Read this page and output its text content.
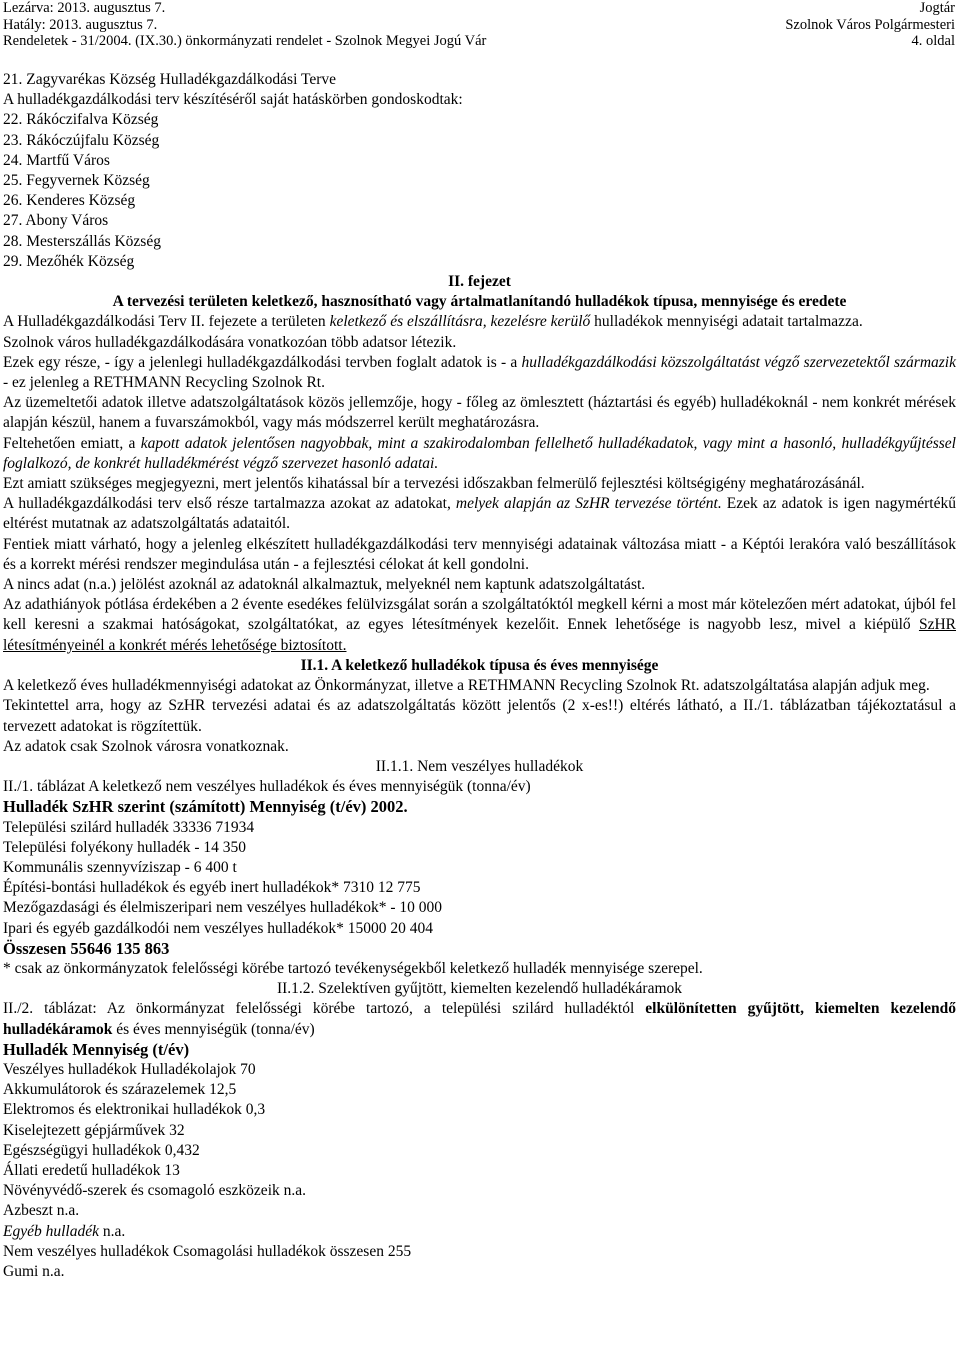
Lezárva: 2013. augusztus 7.
Hatály: 2013. augusztus 7.
Rendeletek - 31/2004. (IX.30.) önkormányzati rendelet - Szolnok Megyei Jogú Vár
Jogtár
Szolnok Város Polgármesteri
4. oldal

21. Zagyvarékas Község Hulladékgazdálkodási Terve

A hulladékgazdálkodási terv készítéséről saját hatáskörben gondoskodtak:

22. Rákóczifalva Község

23. Rákóczújfalu Község

24. Martfű Város

25. Fegyvernek Község

26. Kenderes Község

27. Abony Város

28. Mesterszállás Község

29. Mezőhék Község

II. fejezet

A tervezési területen keletkező, hasznosítható vagy ártalmatlanítandó hulladékok típusa, mennyisége és eredete

A Hulladékgazdálkodási Terv II. fejezete a területen keletkező és elszállításra, kezelésre kerülő hulladékok mennyiségi adatait tartalmazza.

Szolnok város hulladékgazdálkodására vonatkozóan több adatsor létezik.

Ezek egy része, - így a jelenlegi hulladékgazdálkodási tervben foglalt adatok is - a hulladékgazdálkodási közszolgáltatást végző szervezetektől származik - ez jelenleg a RETHMANN Recycling Szolnok Rt.

Az üzemeltetői adatok illetve adatszolgáltatások közös jellemzője, hogy - főleg az ömlesztett (háztartási és egyéb) hulladékoknál - nem konkrét mérések alapján készül, hanem a fuvarszámokból, vagy más módszerrel került meghatározásra.

Feltehetően emiatt, a kapott adatok jelentősen nagyobbak, mint a szakirodalomban fellelhető hulladékadatok, vagy mint a hasonló, hulladékgyűjtéssel foglalkozó, de konkrét hulladékmérést végző szervezet hasonló adatai.

Ezt amiatt szükséges megjegyezni, mert jelentős kihatással bír a tervezési időszakban felmerülő fejlesztési költségigény meghatározásánál.

A hulladékgazdálkodási terv első része tartalmazza azokat az adatokat, melyek alapján az SzHR tervezése történt. Ezek az adatok is igen nagymértékű eltérést mutatnak az adatszolgáltatás adataitól.

Fentiek miatt várható, hogy a jelenleg elkészített hulladékgazdálkodási terv mennyiségi adatainak változása miatt - a Képtói lerakóra való beszállítások és a korrekt mérési rendszer megindulása után - a fejlesztési célokat át kell gondolni.

A nincs adat (n.a.) jelölést azoknál az adatoknál alkalmaztuk, melyeknél nem kaptunk adatszolgáltatást.

Az adathiányok pótlása érdekében a 2 évente esedékes felülvizsgálat során a szolgáltatóktól megkell kérni a most már kötelezően mért adatokat, újból fel kell keresni a szakmai hatóságokat, szolgáltatókat, az egyes létesítmények kezelőit. Ennek lehetősége is nagyobb lesz, mivel a kiépülő SzHR létesítményeinél a konkrét mérés lehetősége biztosított.

II.1. A keletkező hulladékok típusa és éves mennyisége

A keletkező éves hulladékmennyiségi adatokat az Önkormányzat, illetve a RETHMANN Recycling Szolnok Rt. adatszolgáltatása alapján adjuk meg.

Tekintettel arra, hogy az SzHR tervezési adatai és az adatszolgáltatás között jelentős (2 x-es!!) eltérés látható, a II./1. táblázatban tájékoztatásul a tervezett adatokat is rögzítettük.

Az adatok csak Szolnok városra vonatkoznak.

II.1.1. Nem veszélyes hulladékok

II./1. táblázat A keletkező nem veszélyes hulladékok és éves mennyiségük (tonna/év)

Hulladék SzHR szerint (számított) Mennyiség (t/év) 2002.

Települési szilárd hulladék 33336 71934

Települési folyékony hulladék - 14 350

Kommunális szennyvíziszap - 6 400 t

Építési-bontási hulladékok és egyéb inert hulladékok* 7310 12 775

Mezőgazdasági és élelmiszeripari nem veszélyes hulladékok* - 10 000

Ipari és egyéb gazdálkodói nem veszélyes hulladékok* 15000 20 404

Összesen 55646 135 863

* csak az önkormányzatok felelősségi körébe tartozó tevékenységekből keletkező hulladék mennyisége szerepel.

II.1.2. Szelektíven gyűjtött, kiemelten kezelendő hulladékáramok

II./2. táblázat: Az önkormányzat felelősségi körébe tartozó, a települési szilárd hulladéktól elkülönítetten gyűjtött, kiemelten kezelendő hulladékáramok és éves mennyiségük (tonna/év)

Hulladék Mennyiség (t/év)

Veszélyes hulladékok Hulladékolajok 70

Akkumulátorok és szárazelemek 12,5

Elektromos és elektronikai hulladékok 0,3

Kiselejtezett gépjárművek 32

Egészségügyi hulladékok 0,432

Állati eredetű hulladékok 13

Növényvédő-szerek és csomagoló eszközeik n.a.

Azbeszt n.a.

Egyéb hulladék n.a.

Nem veszélyes hulladékok Csomagolási hulladékok összesen 255

Gumi n.a.
